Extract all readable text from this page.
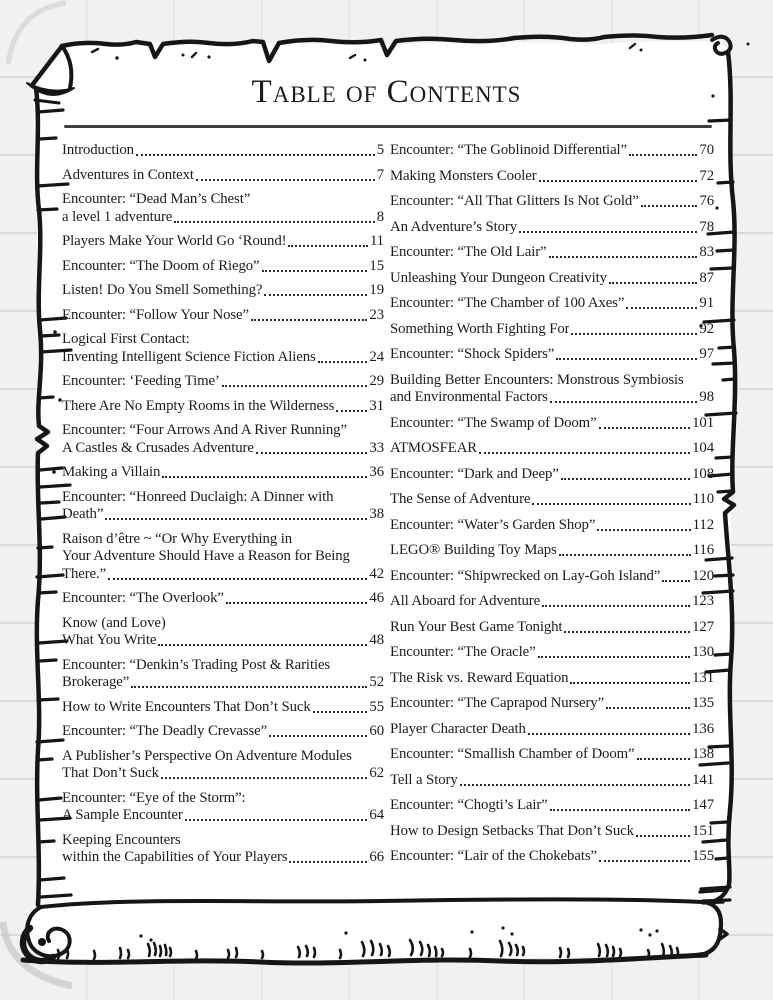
Table of Contents
Introduction	5
Adventures in Context	7
Encounter: “Dead Man’s Chest”
a level 1 adventure	8
Players Make Your World Go ‘Round!	11
Encounter: “The Doom of Riego”	15
Listen! Do You Smell Something?	19
Encounter: “Follow Your Nose”	23
Logical First Contact:
Inventing Intelligent Science Fiction Aliens	24
Encounter: ‘Feeding Time’	29
There Are No Empty Rooms in the Wilderness 31
Encounter: “Four Arrows And A River Running”
A Castles & Crusades Adventure	33
Making a Villain	36
Encounter: “Honreed Duclaigh: A Dinner with
Death”	38
Raison d’être ~ “Or Why Everything in
Your Adventure Should Have a Reason for Being
There.”	42
Encounter: “The Overlook”	46
Know (and Love)
What You Write	48
Encounter: “Denkin’s Trading Post & Rarities
Brokerage”	52
How to Write Encounters That Don’t Suck	55
Encounter: “The Deadly Crevasse”	60
A Publisher’s Perspective On Adventure Modules
That Don’t Suck	62
Encounter: “Eye of the Storm”:
A Sample Encounter	64
Keeping Encounters
within the Capabilities of Your Players	66
Encounter: “The Goblinoid Differential”	70
Making Monsters Cooler	72
Encounter: “All That Glitters Is Not Gold”	76
An Adventure’s Story	78
Encounter: “The Old Lair”	83
Unleashing Your Dungeon Creativity	87
Encounter: “The Chamber of 100 Axes”	91
Something Worth Fighting For	92
Encounter: “Shock Spiders”	97
Building Better Encounters: Monstrous Symbiosis
and Environmental Factors	98
Encounter: “The Swamp of Doom”	101
ATMOSFEAR	104
Encounter: “Dark and Deep”	108
The Sense of Adventure	110
Encounter: “Water’s Garden Shop”	112
LEGO® Building Toy Maps	116
Encounter: “Shipwrecked on Lay-Goh Island” 120
All Aboard for Adventure	123
Run Your Best Game Tonight	127
Encounter: “The Oracle”	130
The Risk vs. Reward Equation	131
Encounter: “The Caprapod Nursery”	135
Player Character Death	136
Encounter: “Smallish Chamber of Doom”	138
Tell a Story	141
Encounter: “Chogti’s Lair”	147
How to Design Setbacks That Don’t Suck	151
Encounter: “Lair of the Chokebats”	155
